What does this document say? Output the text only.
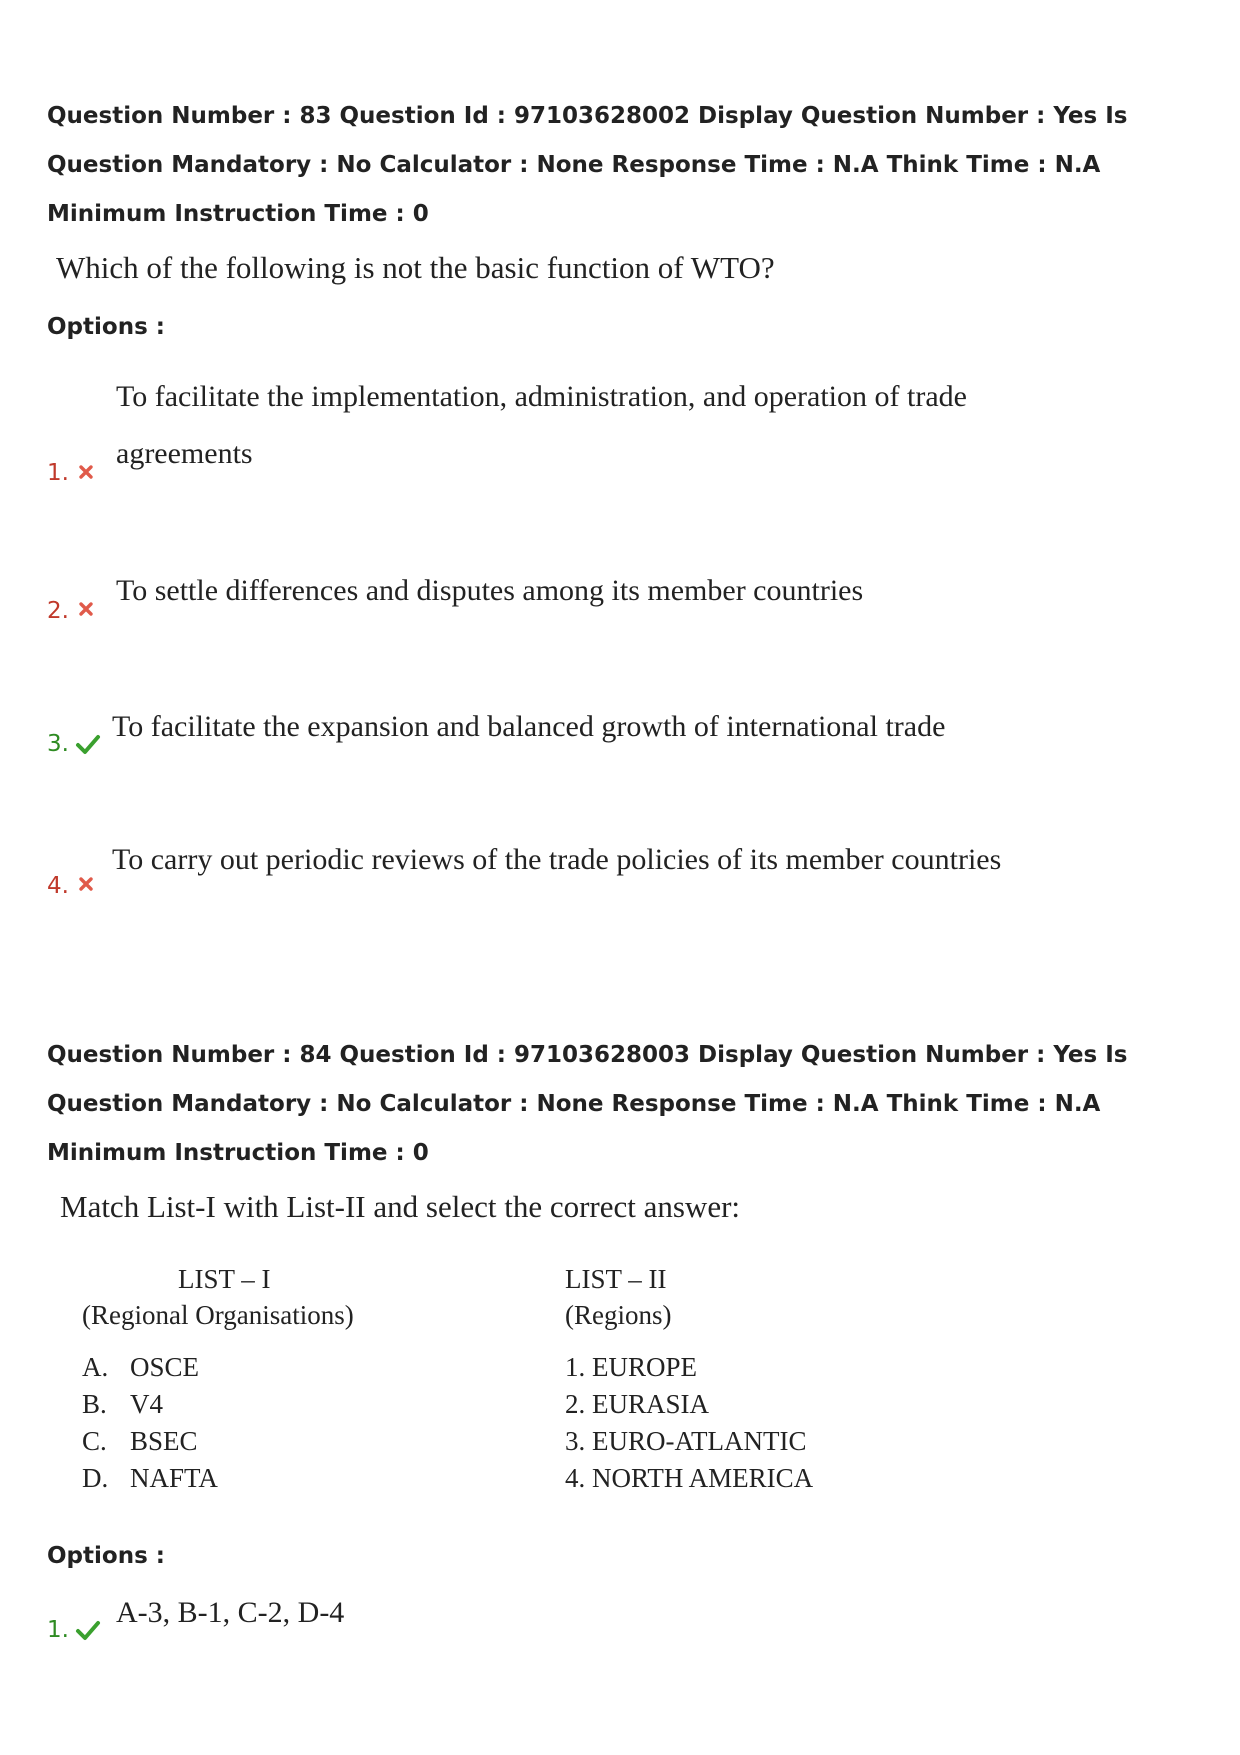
Question Number : 83 Question Id : 97103628002 Display Question Number : Yes Is Question Mandatory : No Calculator : None Response Time : N.A Think Time : N.A Minimum Instruction Time : 0
Which of the following is not the basic function of WTO?
Options :
1.
To facilitate the implementation, administration, and operation of trade
agreements
2.
To settle differences and disputes among its member countries
3.
To facilitate the expansion and balanced growth of international trade
4.
To carry out periodic reviews of the trade policies of its member countries
Question Number : 84 Question Id : 97103628003 Display Question Number : Yes Is Question Mandatory : No Calculator : None Response Time : N.A Think Time : N.A Minimum Instruction Time : 0
Match List-I with List-II and select the correct answer:
LIST – I
(Regional Organisations)
A. OSCE
B. V4
C. BSEC
D. NAFTA
LIST – II
(Regions)
1. EUROPE
2. EURASIA
3. EURO-ATLANTIC
4. NORTH AMERICA
Options :
1.
A-3, B-1, C-2, D-4
